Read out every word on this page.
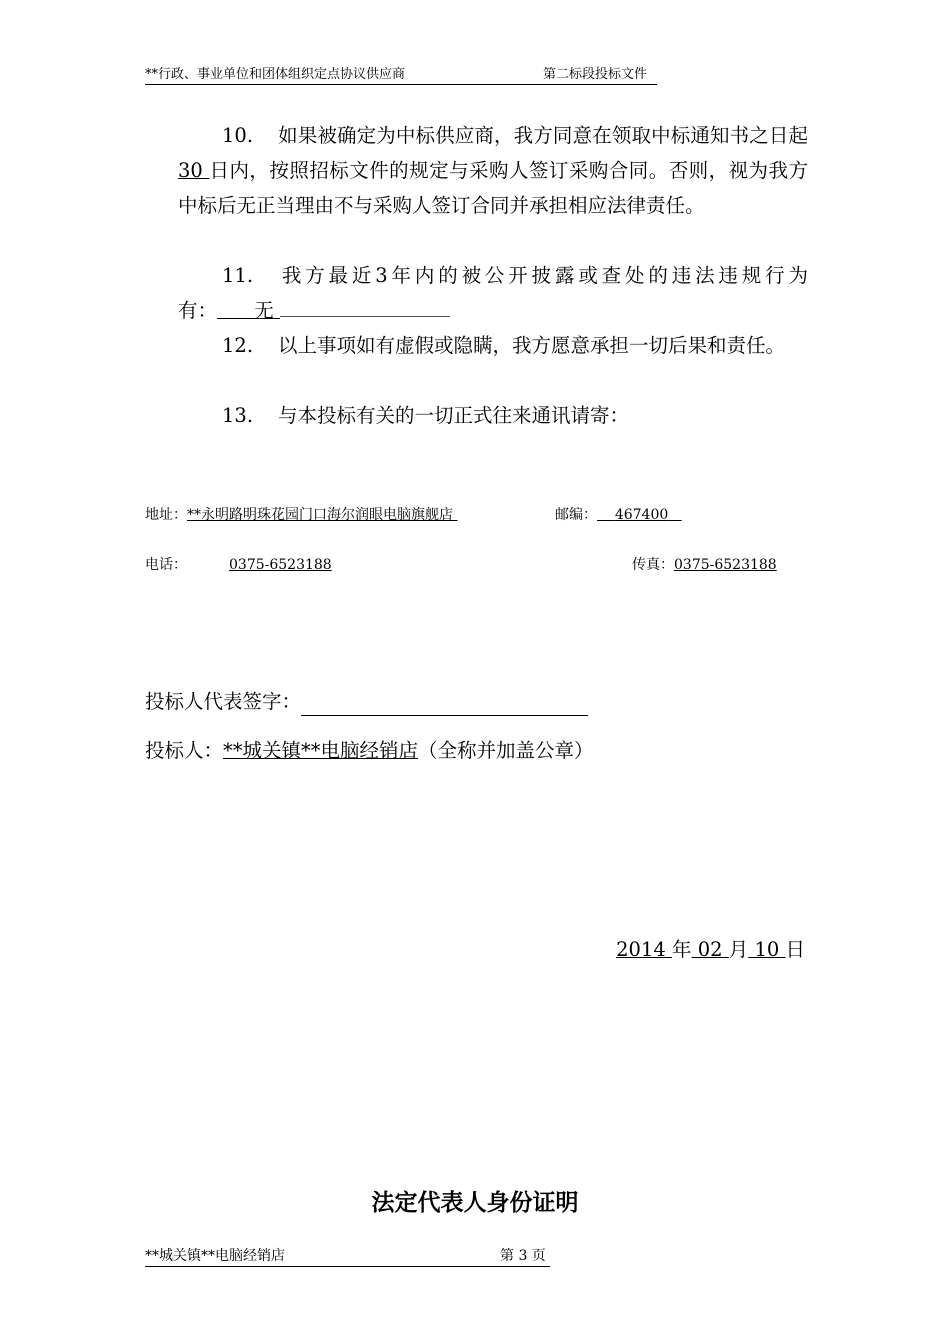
**行政、事业单位和团体组织定点协议供应商	第二标段投标文件
10. 如果被确定为中标供应商，我方同意在领取中标通知书之日起 30 日内，按照招标文件的规定与采购人签订采购合同。否则，视为我方中标后无正当理由不与采购人签订合同并承担相应法律责任。
11. 我方最近3年内的被公开披露或查处的违法违规行为有： 无
12. 以上事项如有虚假或隐瞒，我方愿意承担一切后果和责任。
13. 与本投标有关的一切正式往来通讯请寄：
地址：**永明路明珠花园门口海尔润眼电脑旗舰店	邮编： 467400
电话：	0375-6523188	传真：0375-6523188
投标人代表签字：
投标人：**城关镇**电脑经销店（全称并加盖公章）
2014 年 02 月 10 日
法定代表人身份证明
**城关镇**电脑经销店	第 3 页
